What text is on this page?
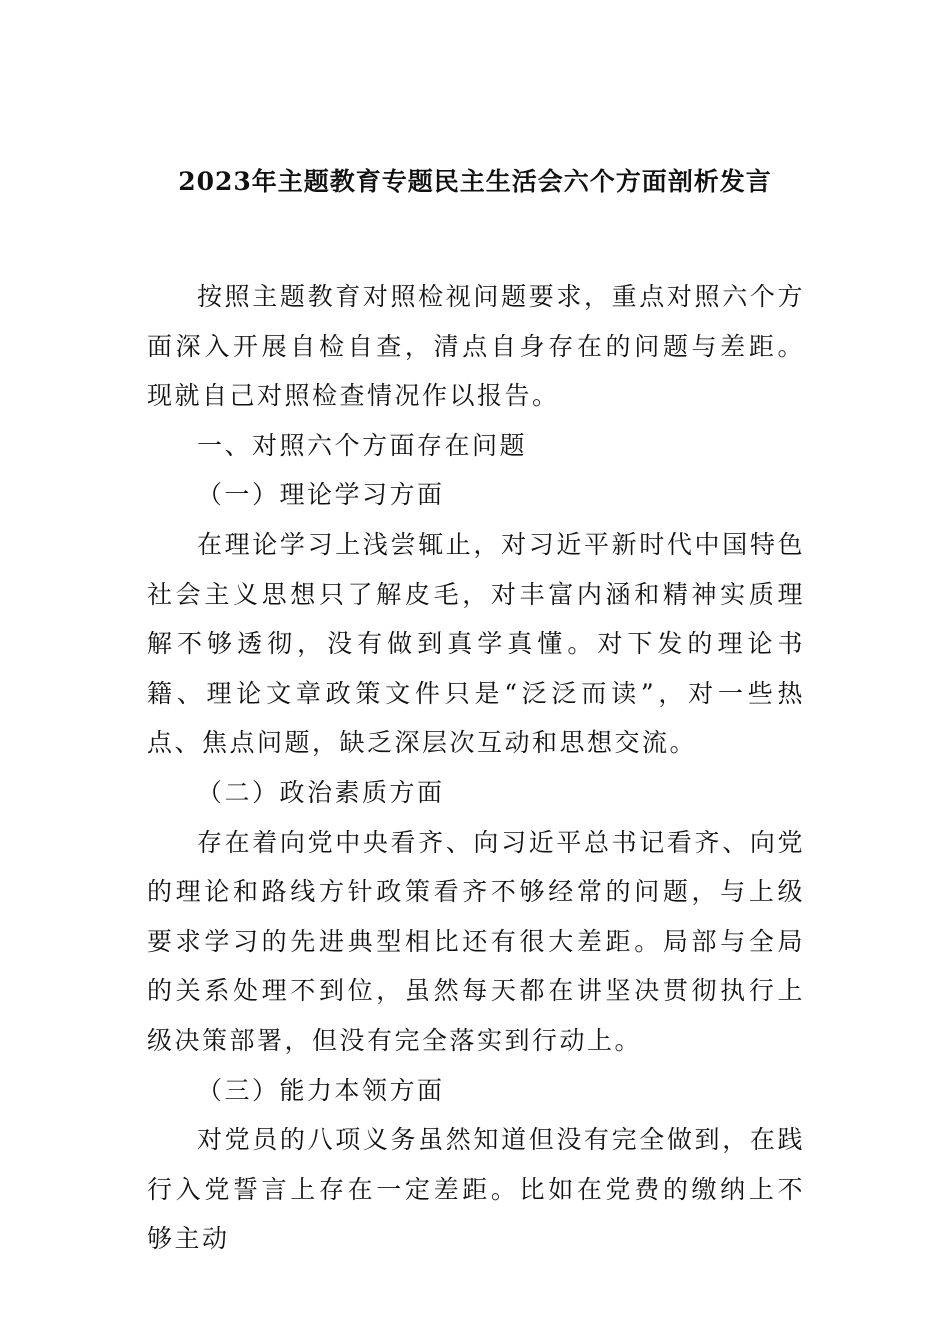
2023年主题教育专题民主生活会六个方面剖析发言

按照主题教育对照检视问题要求，重点对照六个方面深入开展自检自查，清点自身存在的问题与差距。现就自己对照检查情况作以报告。

一、对照六个方面存在问题

（一）理论学习方面

在理论学习上浅尝辄止，对习近平新时代中国特色社会主义思想只了解皮毛，对丰富内涵和精神实质理解不够透彻，没有做到真学真懂。对下发的理论书籍、理论文章政策文件只是“泛泛而读”，对一些热点、焦点问题，缺乏深层次互动和思想交流。

（二）政治素质方面

存在着向党中央看齐、向习近平总书记看齐、向党的理论和路线方针政策看齐不够经常的问题，与上级要求学习的先进典型相比还有很大差距。局部与全局的关系处理不到位，虽然每天都在讲坚决贯彻执行上级决策部署，但没有完全落实到行动上。

（三）能力本领方面

对党员的八项义务虽然知道但没有完全做到，在践行入党誓言上存在一定差距。比如在党费的缴纳上不够主动
